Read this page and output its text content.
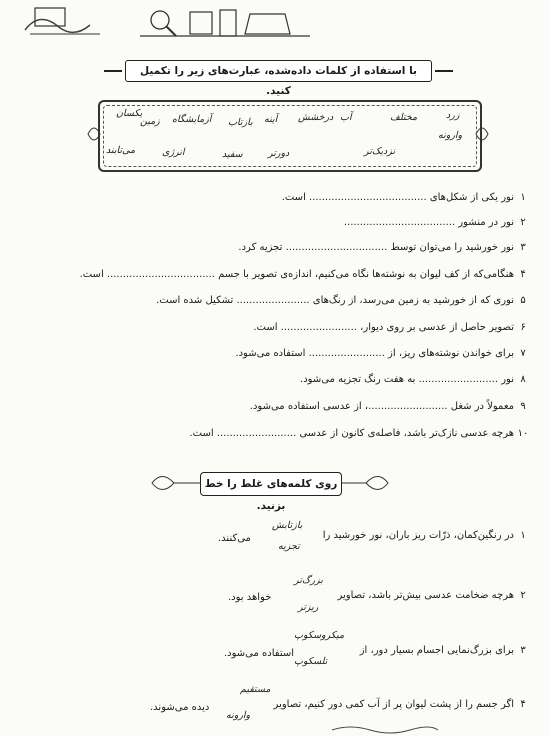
با استفاده از کلمات داده‌شده، عبارت‌های زیر را تکمیل کنید.
یکسان
زمین آزمایشگاه بازتاب آینه درخشش آب	مختلف	زرد
می‌تابند	انرژی	سفید	دورتر	نزدیک‌تر
وارونه
۱نور یکی از شکل‌های ..................................... است.
۲نور در منشور ...................................
۳نور خورشید را می‌توان توسط ................................ تجزیه کرد.
۴هنگامی‌که از کف لیوان به نوشته‌ها نگاه می‌کنیم، اندازه‌ی تصویر با جسم .................................. است.
۵نوری که از خورشید به زمین می‌رسد، از رنگ‌های ....................... تشکیل شده است.
۶تصویر حاصل از عدسی بر روی دیوار، ........................ است.
۷برای خواندن نوشته‌های ریز، از ........................ استفاده می‌شود.
۸نور ......................... به هفت رنگ تجزیه می‌شود.
۹معمولاً در شغل .........................، از عدسی استفاده می‌شود.
۱۰هرچه عدسی نازک‌تر باشد، فاصله‌ی کانون از عدسی ......................... است.
روی کلمه‌های غلط را خط بزنید.
۱در رنگین‌کمان، ذرّات ریز باران، نور خورشید را
بازتابش
تجزیه
می‌کنند.
۲هرچه ضخامت عدسی بیش‌تر باشد، تصاویر
بزرگ‌تر
ریزتر
خواهد بود.
۳برای بزرگ‌نمایی اجسام بسیار دور، از
میکروسکوپ
تلسکوپ
استفاده می‌شود.
۴اگر جسم را از پشت لیوان پر از آب کمی دور کنیم، تصاویر
مستقیم
وارونه
دیده می‌شوند.
